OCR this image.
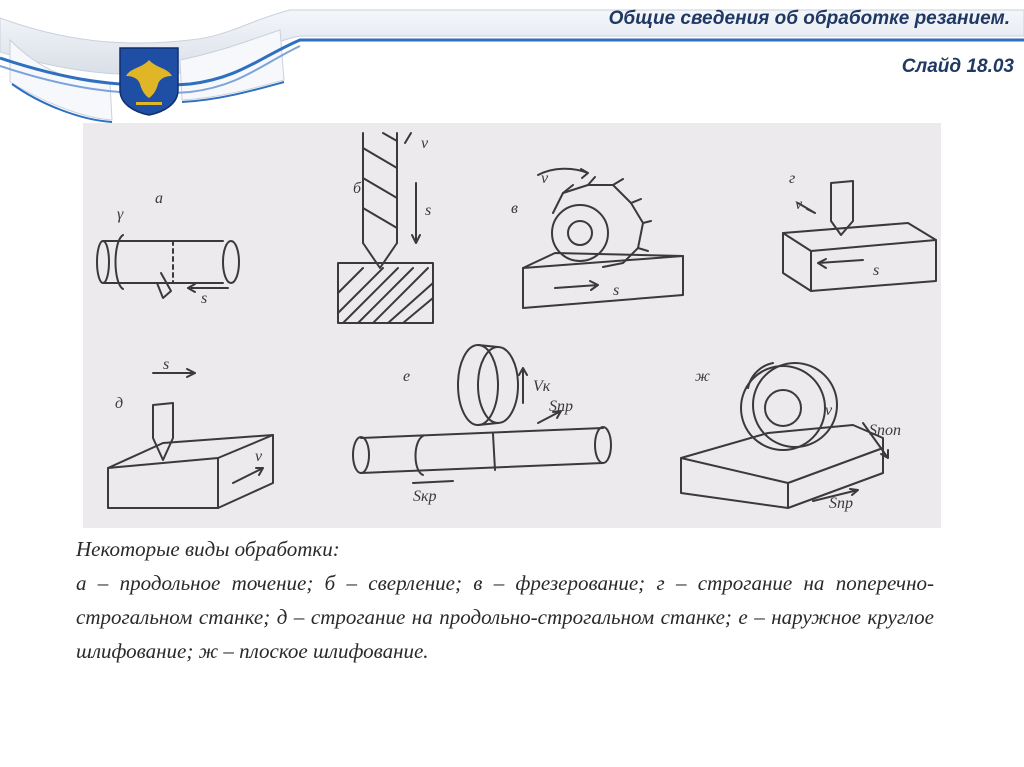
Общие сведения об обработке резанием.
Слайд 18.03
а
б
в
г
д
е	ж
γ
s
v
s
v
s
v
s
s
v
Vк
Sпр
Sкр
v
Sпоп
Sпр
Некоторые виды обработки:
а – продольное точение; б – сверление; в – фрезерование; г – строгание на поперечно-строгальном станке; д – строгание на продольно-строгальном станке; е – наружное круглое шлифование; ж – плоское шлифование.
